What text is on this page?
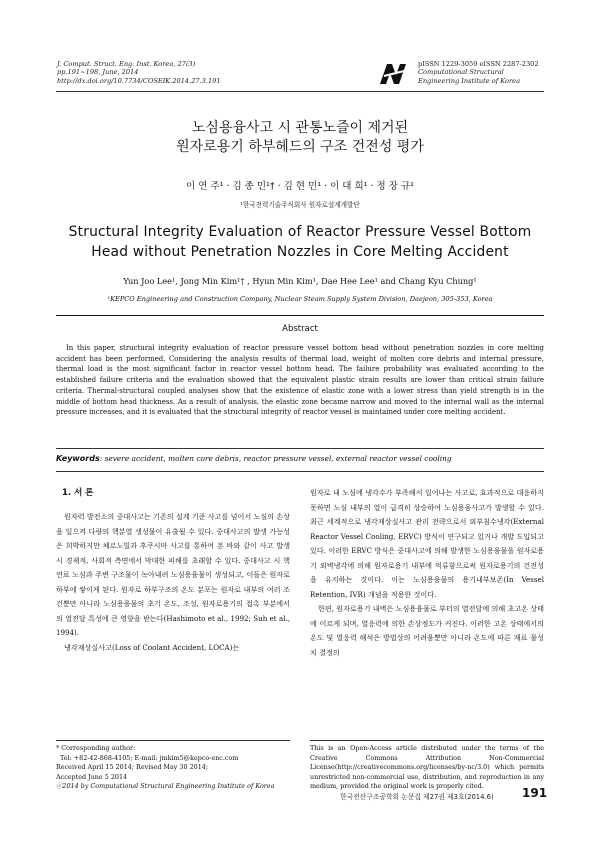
J. Comput. Struct. Eng. Inst. Korea, 27(3)
pp.191~198, June, 2014
http://dx.doi.org/10.7734/COSEIK.2014.27.3.191
pISSN 1229-3059 eISSN 2287-2302
Computational Structural
Engineering Institute of Korea
노심용융사고 시 관통노즐이 제거된
원자로용기 하부헤드의 구조 건전성 평가
이 연 주¹ · 김 종 민¹† · 김 현 민¹ · 이 대 희¹ · 정 장 규¹
¹한국전력기술주식회사 원자로설계개발단
Structural Integrity Evaluation of Reactor Pressure Vessel Bottom
Head without Penetration Nozzles in Core Melting Accident
Yun Joo Lee¹, Jong Min Kim¹† , Hyun Min Kim¹, Dae Hee Lee¹ and Chang Kyu Chung¹
¹KEPCO Engineering and Construction Company, Nuclear Steam Supply System Division, Daejeon, 305-353, Korea
Abstract
In this paper, structural integrity evaluation of reactor pressure vessel bottom head without penetration nozzles in core melting accident has been performed. Considering the analysis results of thermal load, weight of molten core debris and internal pressure, thermal load is the most significant factor in reactor vessel bottom head. The failure probability was evaluated according to the established failure criteria and the evaluation showed that the equivalent plastic strain results are lower than critical strain failure criteria. Thermal-structural coupled analyses show that the existence of elastic zone with a lower stress than yield strength is in the middle of bottom head thickness. As a result of analysis, the elastic zone became narrow and moved to the internal wall as the internal pressure increases, and it is evaluated that the structural integrity of reactor vessel is maintained under core melting accident.
Keywords: severe accident, molten core debris, reactor pressure vessel, external reactor vessel cooling
1. 서 론

원자력 발전소의 중대사고는 기존의 설계 기준 사고를 넘어서 노심의 손상을 일으켜 다량의 핵분열 생성물이 유출될 수 있다. 중대사고의 발생 가능성은 희박하지만 체르노빌과 후쿠시마 사고를 통하여 본 바와 같이 사고 발생 시 경제적, 사회적 측면에서 막대한 피해를 초래할 수 있다. 중대사고 시 핵연료 노심과 주변 구조물이 녹아내려 노심용융물이 생성되고, 이들은 원자로 하부에 쌓이게 된다. 원자로 하부구조의 온도 분포는 원자로 내부의 여러 조건뿐만 아니라 노심용융물의 초기 온도, 조성, 원자로용기의 접촉 부분에서의 열전달 특성에 큰 영향을 받는다(Hashimoto et al., 1992; Suh et al., 1994).

냉각재상실사고(Loss of Coolant Accident, LOCA)는

원자로 내 노심에 냉각수가 부족해서 일어나는 사고로, 효과적으로 대응하지 못하면 노심 내부의 열이 급격히 상승하여 노심용융사고가 발생할 수 있다. 최근 세계적으로 냉각재상실사고 관리 전략으로서 외부침수냉각(External Reactor Vessel Cooling, ERVC) 방식이 연구되고 있거나 개발 도입되고 있다. 이러한 ERVC 방식은 중대사고에 의해 발생한 노심용융물을 원자로용기 외벽냉각에 의해 원자로용기 내부에 억류함으로써 원자로용기의 건전성을 유지하는 것이다. 이는 노심용융물의 용기내부보존(In Vessel Retention, IVR) 개념을 적용한 것이다.

한편, 원자로용기 내벽은 노심용융물로 부터의 열전달에 의해 초고온 상태에 이르게 되며, 열응력에 의한 손상정도가 커진다. 이러한 고온 상태에서의 온도 및 열응력 해석은 방법상의 어려움뿐만 아니라 온도에 따른 재료 물성치 결정의

* Corresponding author:
Tel: +82-42-868-4105; E-mail: jmkim5@kepco-enc.com
Received April 15 2014; Revised May 30 2014;
Accepted June 5 2014
ⓒ2014 by Computational Structural Engineering Institute of Korea
This is an Open-Access article distributed under the terms of the Creative Commons Attribution Non-Commercial License(http://creativecommons.org/licenses/by-nc/3.0) which permits unrestricted non-commercial use, distribution, and reproduction in any medium, provided the original work is properly cited.
한국전산구조공학회 논문집 제27권 제3호(2014.6) 191
